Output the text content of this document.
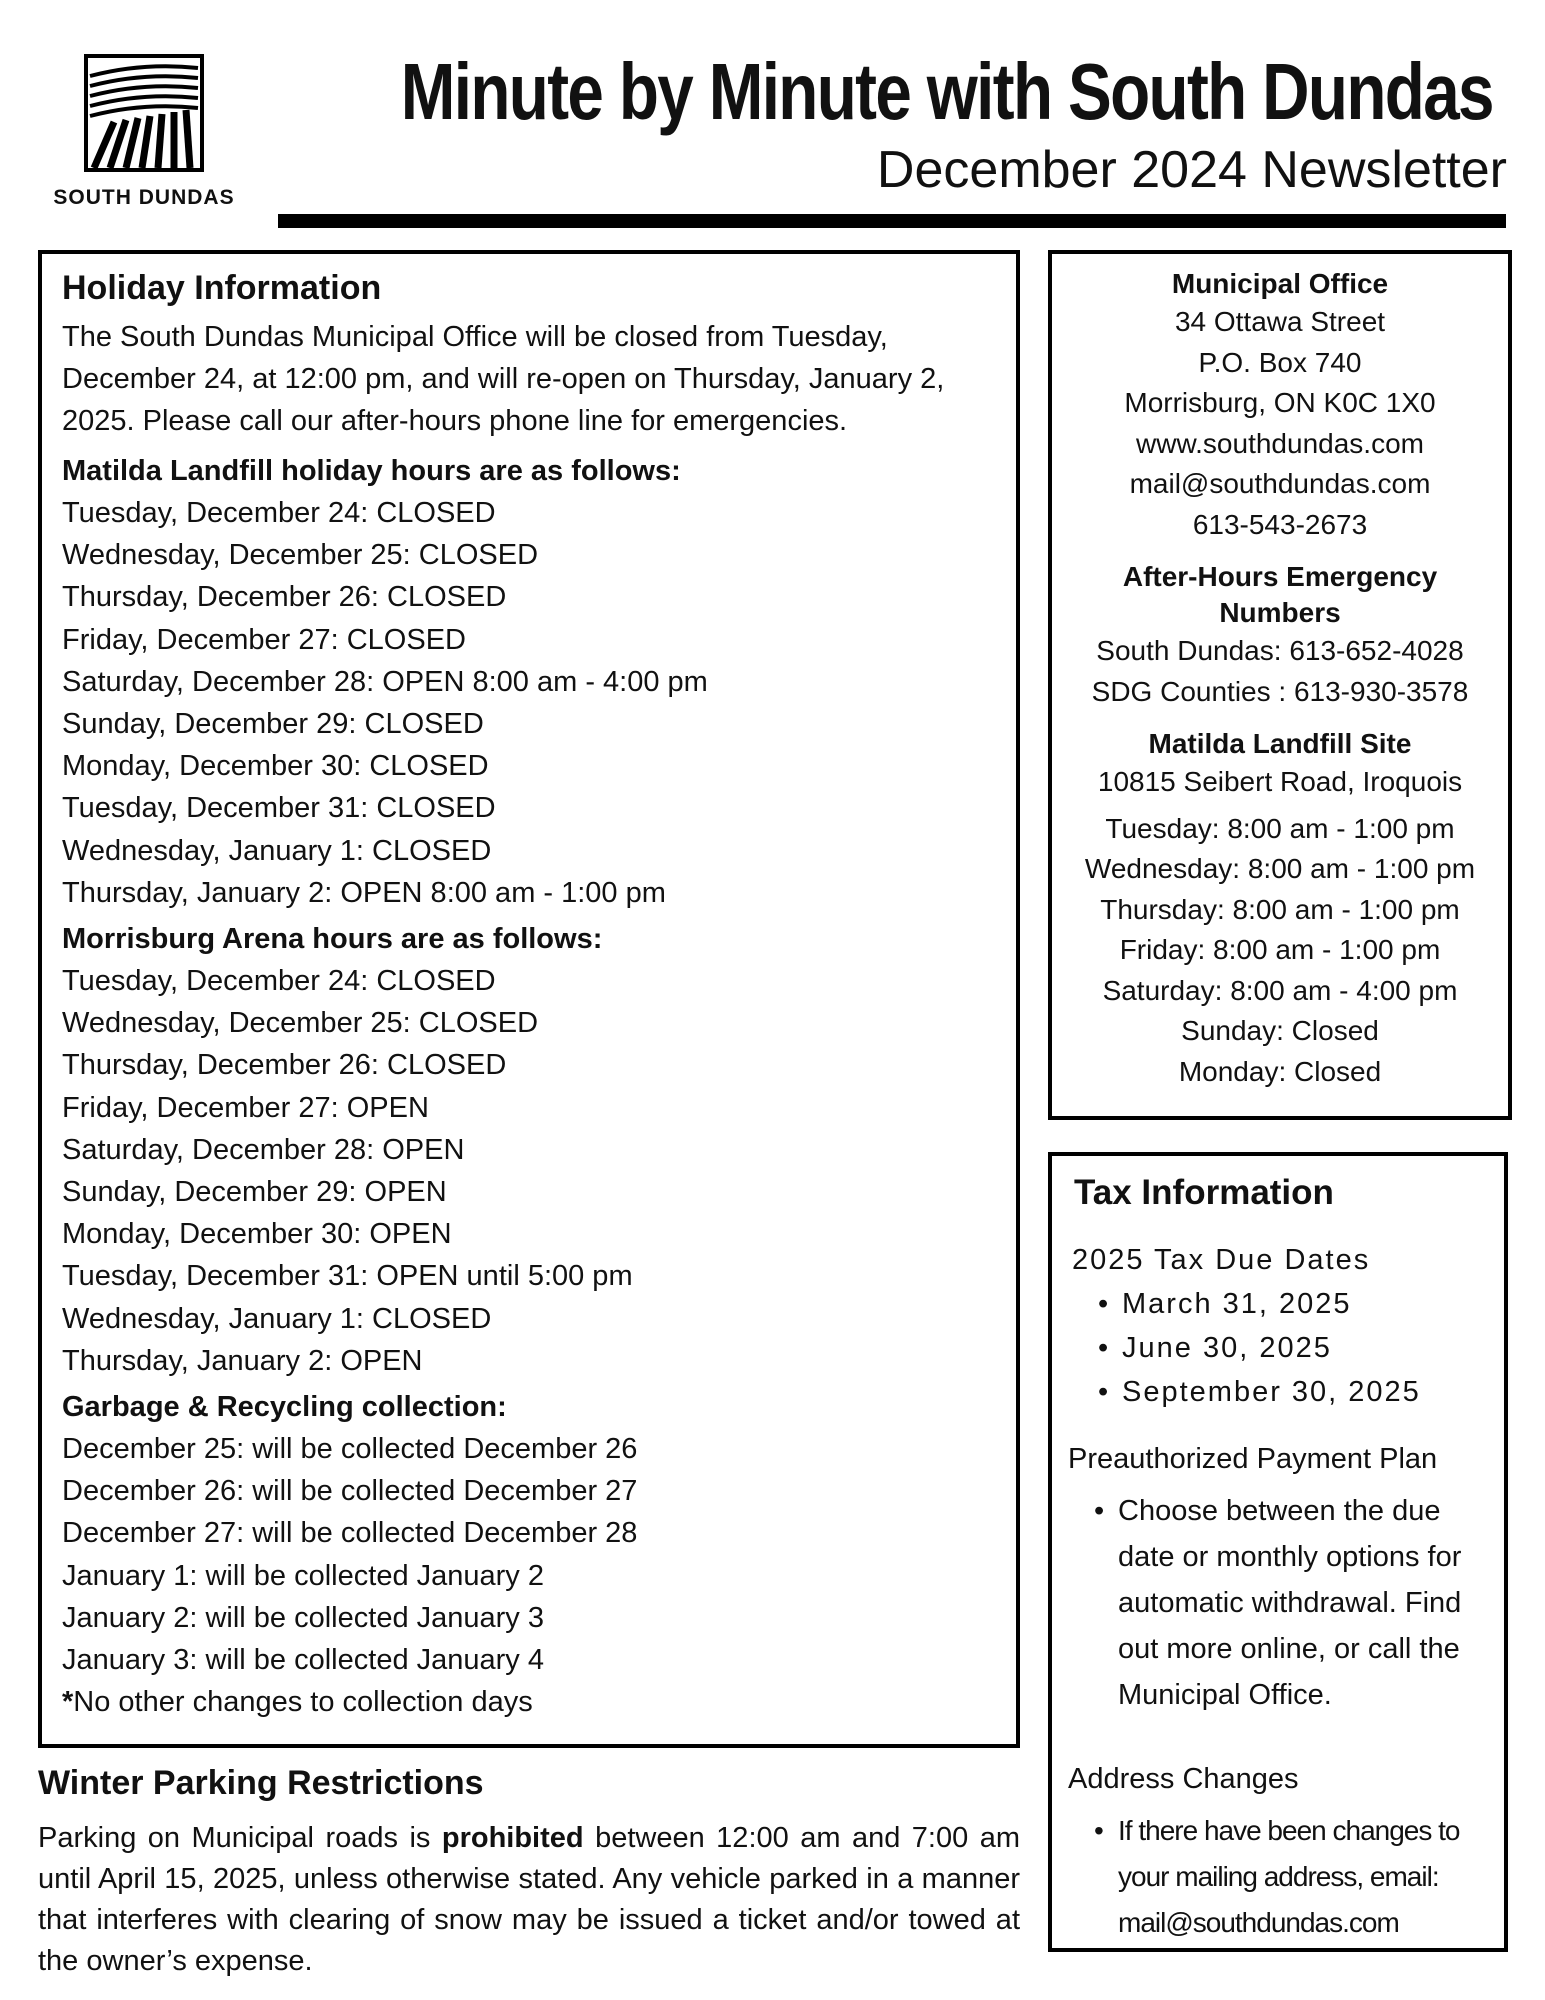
SOUTH DUNDAS
Minute by Minute with South Dundas
December 2024 Newsletter
Holiday Information
The South Dundas Municipal Office will be closed from Tuesday, December 24, at 12:00 pm, and will re-open on Thursday, January 2, 2025. Please call our after-hours phone line for emergencies.
Matilda Landfill holiday hours are as follows:
Tuesday, December 24: CLOSED
Wednesday, December 25: CLOSED
Thursday, December 26: CLOSED
Friday, December 27: CLOSED
Saturday, December 28: OPEN 8:00 am - 4:00 pm
Sunday, December 29: CLOSED
Monday, December 30: CLOSED
Tuesday, December 31: CLOSED
Wednesday, January 1: CLOSED
Thursday, January 2: OPEN 8:00 am - 1:00 pm
Morrisburg Arena hours are as follows:
Tuesday, December 24: CLOSED
Wednesday, December 25: CLOSED
Thursday, December 26: CLOSED
Friday, December 27: OPEN
Saturday, December 28: OPEN
Sunday, December 29: OPEN
Monday, December 30: OPEN
Tuesday, December 31: OPEN until 5:00 pm
Wednesday, January 1: CLOSED
Thursday, January 2: OPEN
Garbage & Recycling collection:
December 25: will be collected December 26
December 26: will be collected December 27
December 27: will be collected December 28
January 1: will be collected January 2
January 2: will be collected January 3
January 3: will be collected January 4
*No other changes to collection days
Municipal Office
34 Ottawa Street
P.O. Box 740
Morrisburg, ON K0C 1X0
www.southdundas.com
mail@southdundas.com
613-543-2673
After-Hours Emergency
Numbers
South Dundas: 613-652-4028
SDG Counties : 613-930-3578
Matilda Landfill Site
10815 Seibert Road, Iroquois
Tuesday: 8:00 am - 1:00 pm
Wednesday: 8:00 am - 1:00 pm
Thursday: 8:00 am - 1:00 pm
Friday: 8:00 am - 1:00 pm
Saturday: 8:00 am - 4:00 pm
Sunday: Closed
Monday: Closed
Tax Information
2025 Tax Due Dates
• March 31, 2025
• June 30, 2025
• September 30, 2025
Preauthorized Payment Plan
• Choose between the due date or monthly options for automatic withdrawal. Find out more online, or call the Municipal Office.
Address Changes
• If there have been changes to your mailing address, email: mail@southdundas.com
Winter Parking Restrictions
Parking on Municipal roads is prohibited between 12:00 am and 7:00 am until April 15, 2025, unless otherwise stated. Any vehicle parked in a manner that interferes with clearing of snow may be issued a ticket and/or towed at the owner’s expense.
